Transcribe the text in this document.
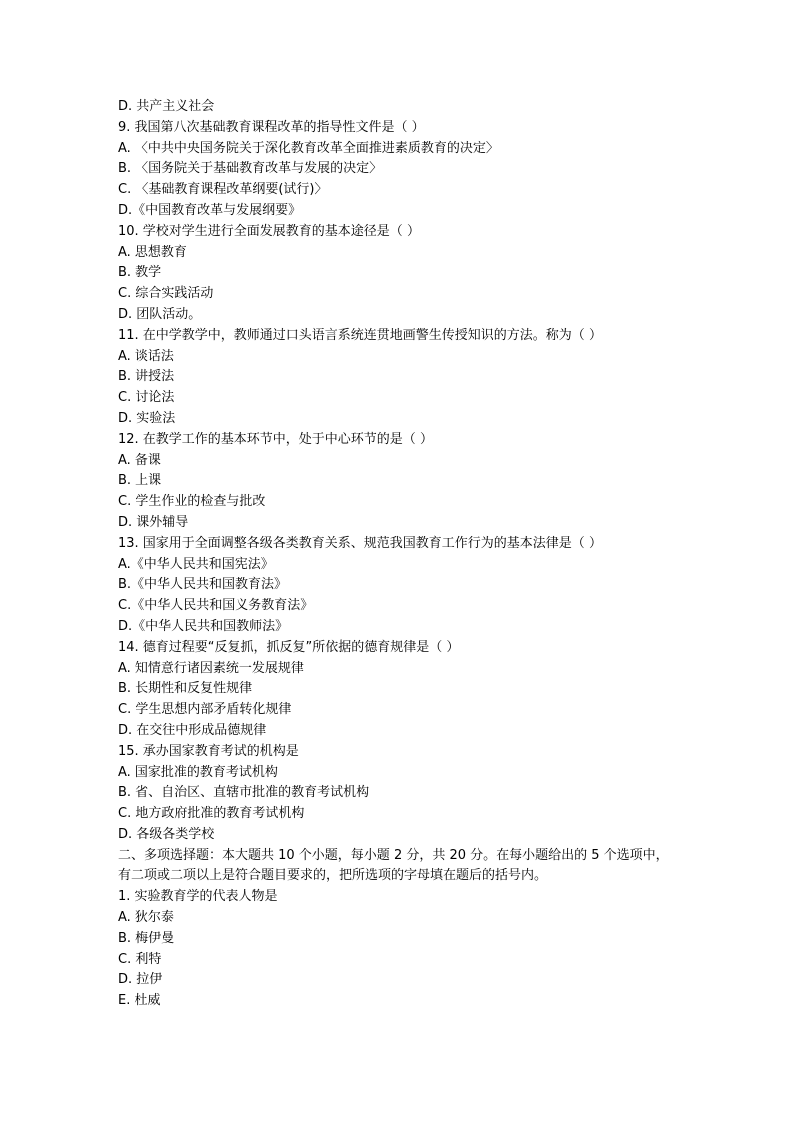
D. 共产主义社会
9. 我国第八次基础教育课程改革的指导性文件是（ ）
A. 〈中共中央国务院关于深化教育改革全面推进素质教育的决定〉
B. 〈国务院关于基础教育改革与发展的决定〉
C. 〈基础教育课程改革纲要(试行)〉
D.《中国教育改革与发展纲要》
10. 学校对学生进行全面发展教育的基本途径是（ ）
A. 思想教育
B. 教学
C. 综合实践活动
D. 团队活动。
11. 在中学教学中，教师通过口头语言系统连贯地画警生传授知识的方法。称为（ ）
A. 谈话法
B. 讲授法
C. 讨论法
D. 实验法
12. 在教学工作的基本环节中，处于中心环节的是（ ）
A. 备课
B. 上课
C. 学生作业的检查与批改
D. 课外辅导
13. 国家用于全面调整各级各类教育关系、规范我国教育工作行为的基本法律是（ ）
A.《中华人民共和国宪法》
B.《中华人民共和国教育法》
C.《中华人民共和国义务教育法》
D.《中华人民共和国教师法》
14. 德育过程要“反复抓，抓反复”所依据的德育规律是（ ）
A. 知情意行诸因素统一发展规律
B. 长期性和反复性规律
C. 学生思想内部矛盾转化规律
D. 在交往中形成品德规律
15. 承办国家教育考试的机构是
A. 国家批准的教育考试机构
B. 省、自治区、直辖市批准的教育考试机构
C. 地方政府批准的教育考试机构
D. 各级各类学校
二、多项选择题：本大题共 10 个小题，每小题 2 分，共 20 分。在每小题给出的 5 个选项中，有二项或二项以上是符合题目要求的，把所选项的字母填在题后的括号内。
1. 实验教育学的代表人物是
A. 狄尔泰
B. 梅伊曼
C. 利特
D. 拉伊
E. 杜威
